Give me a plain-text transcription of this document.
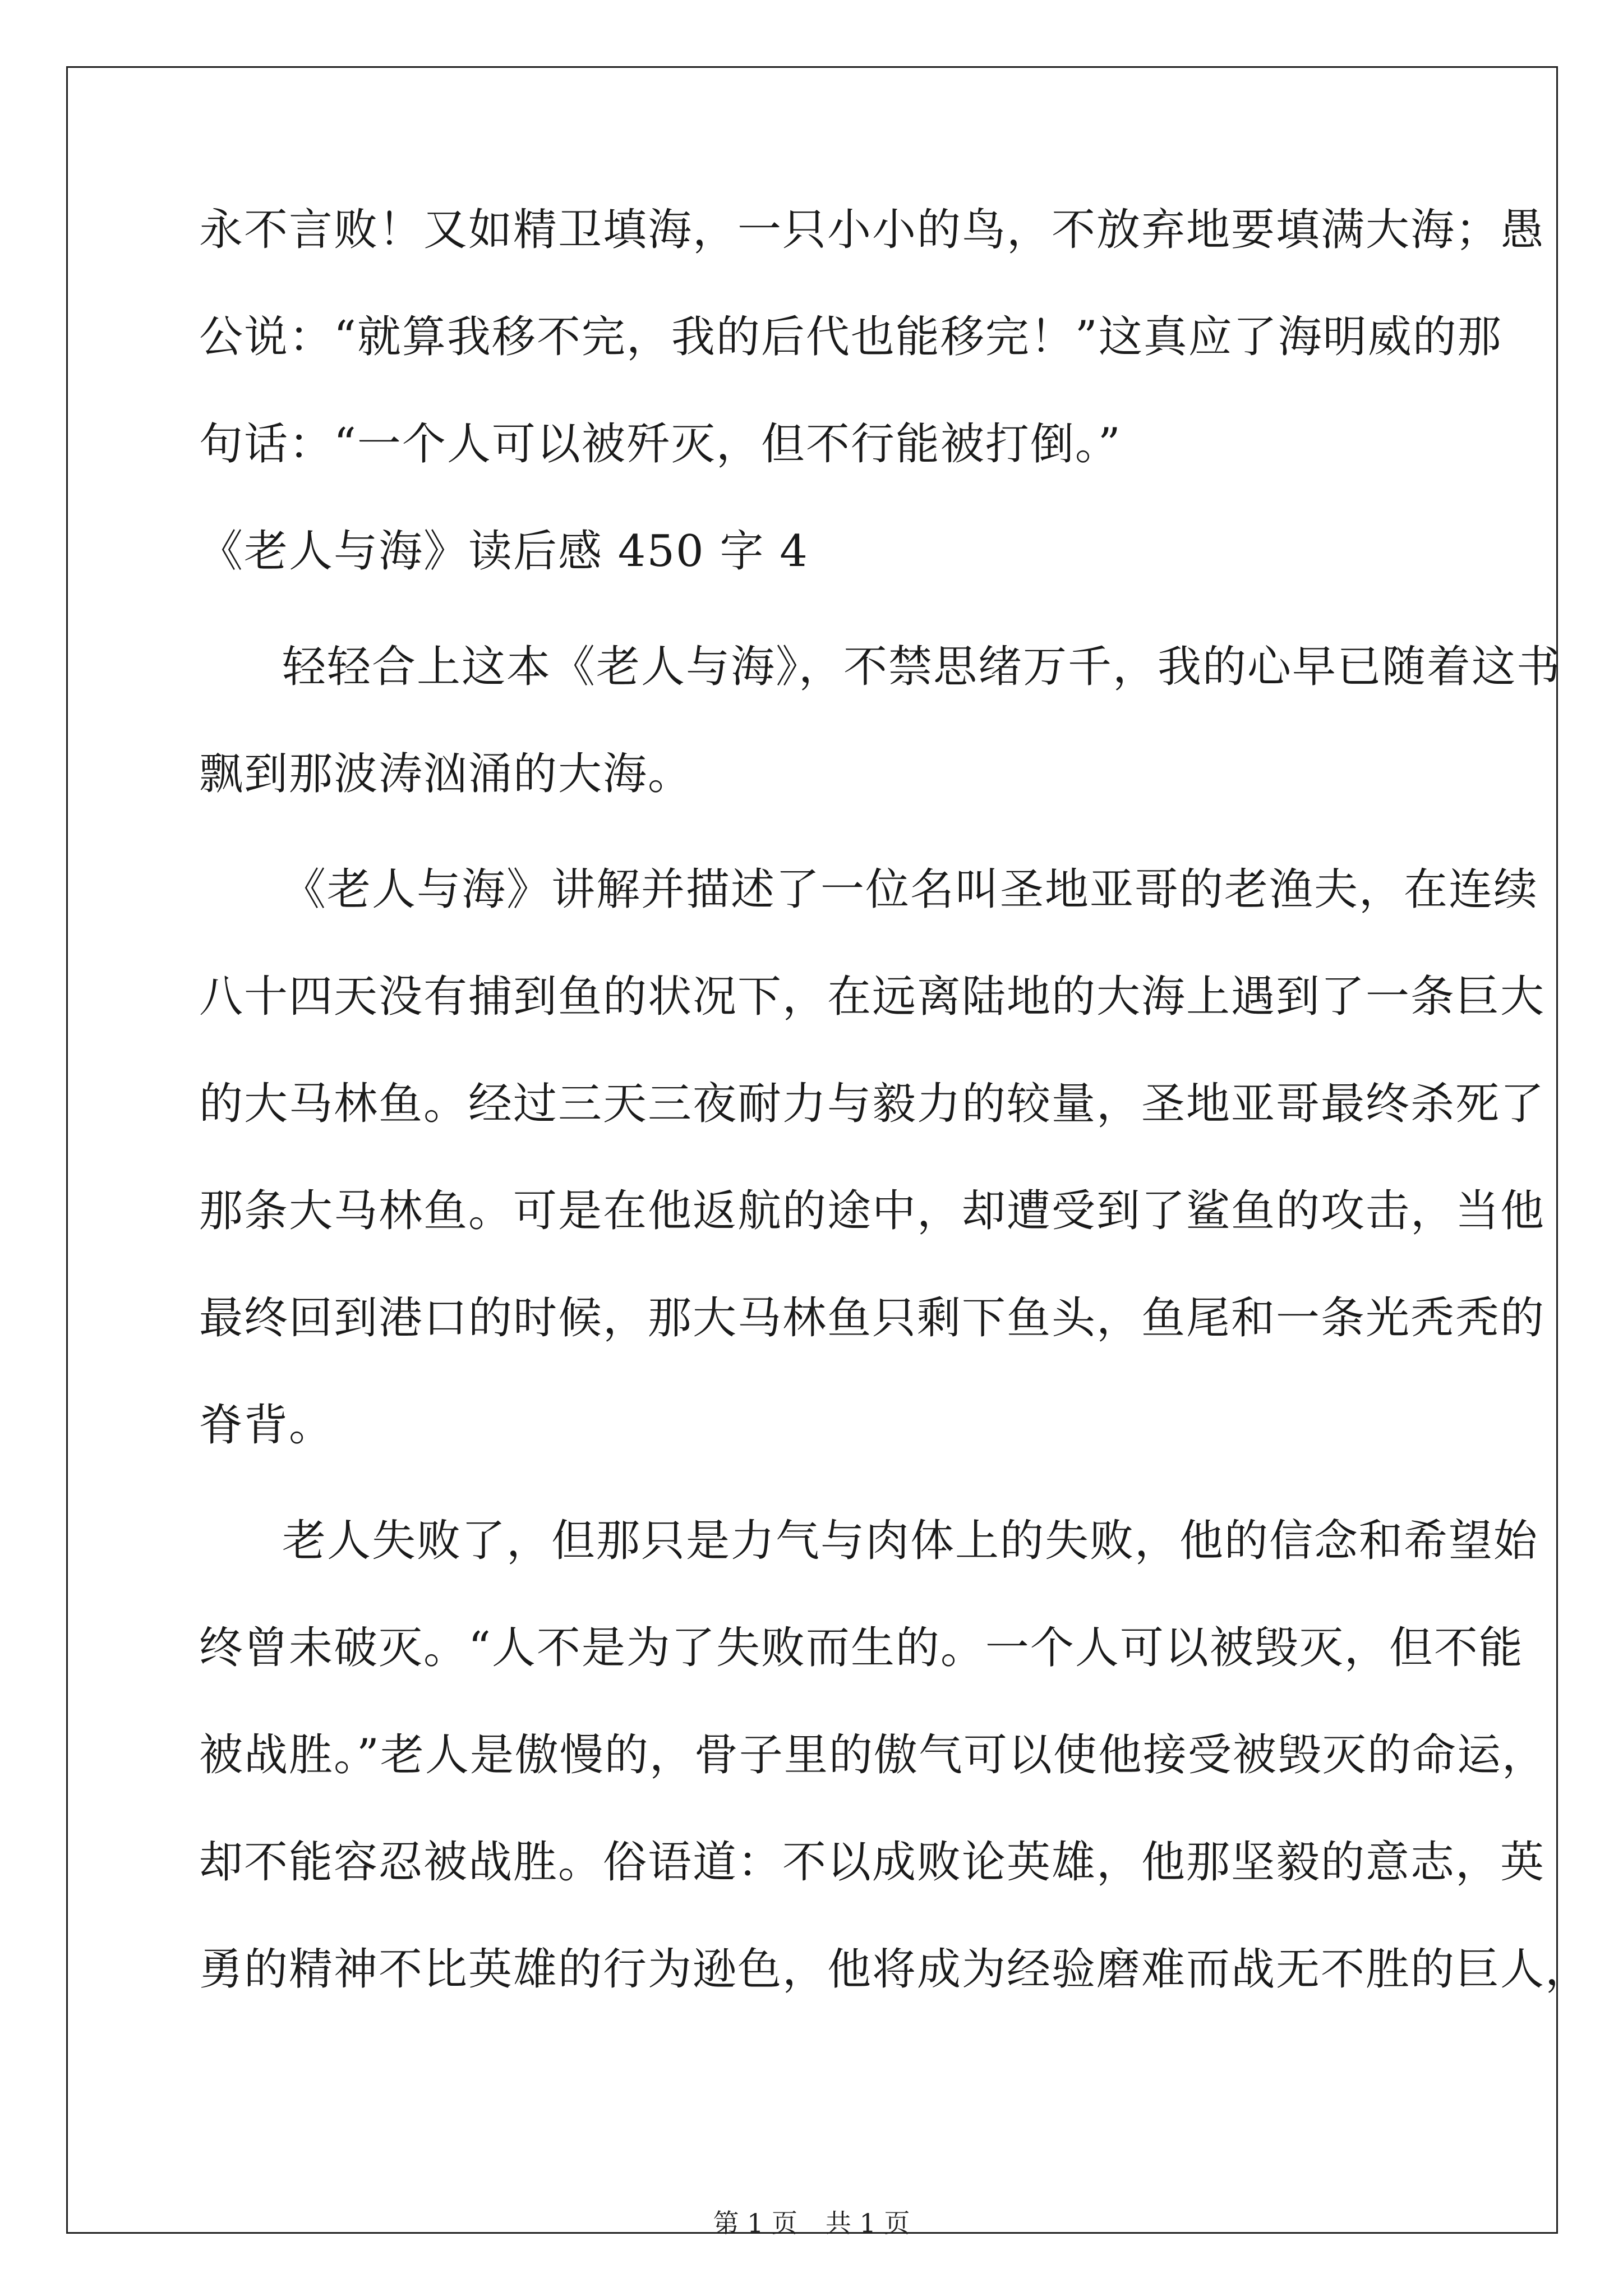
永不言败！又如精卫填海，一只小小的鸟，不放弃地要填满大海；愚
公说：“就算我移不完，我的后代也能移完！”这真应了海明威的那
句话：“一个人可以被歼灭，但不行能被打倒。”
《老人与海》读后感 450 字 4
轻轻合上这本《老人与海》，不禁思绪万千，我的心早已随着这书
飘到那波涛汹涌的大海。
《老人与海》讲解并描述了一位名叫圣地亚哥的老渔夫，在连续
八十四天没有捕到鱼的状况下，在远离陆地的大海上遇到了一条巨大
的大马林鱼。经过三天三夜耐力与毅力的较量，圣地亚哥最终杀死了
那条大马林鱼。可是在他返航的途中，却遭受到了鲨鱼的攻击，当他
最终回到港口的时候，那大马林鱼只剩下鱼头，鱼尾和一条光秃秃的
脊背。
老人失败了，但那只是力气与肉体上的失败，他的信念和希望始
终曾未破灭。“人不是为了失败而生的。一个人可以被毁灭，但不能
被战胜。”老人是傲慢的，骨子里的傲气可以使他接受被毁灭的命运，
却不能容忍被战胜。俗语道：不以成败论英雄，他那坚毅的意志，英
勇的精神不比英雄的行为逊色，他将成为经验磨难而战无不胜的巨人，
第 1 页 共 1 页
